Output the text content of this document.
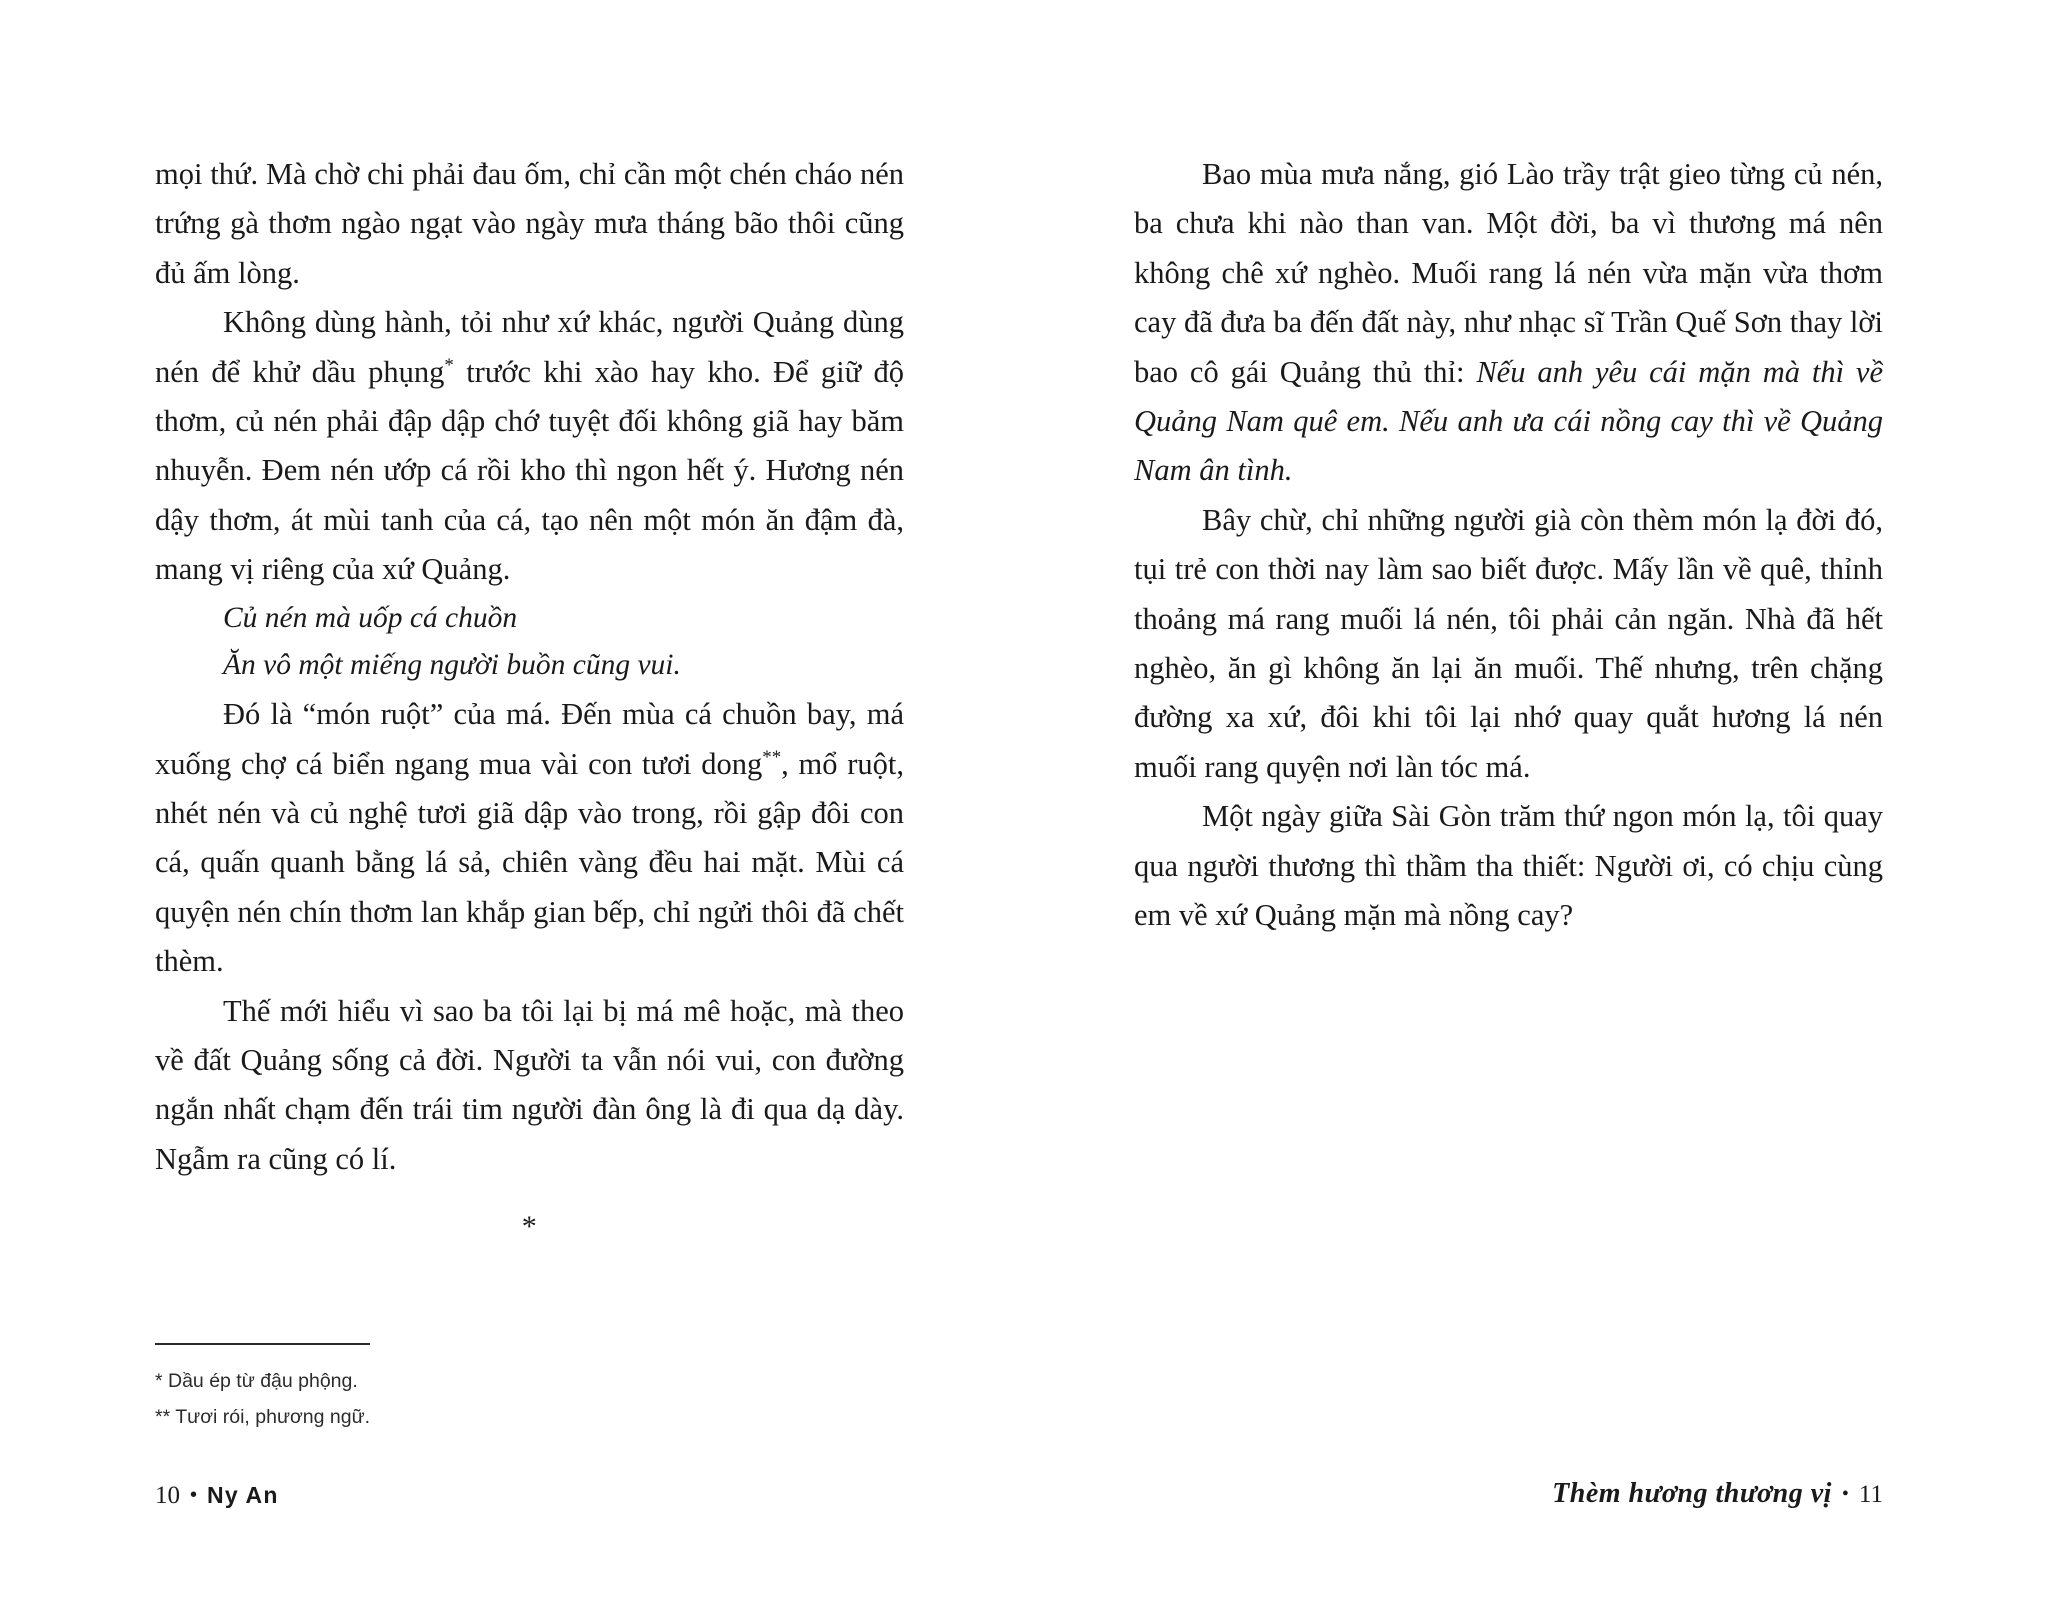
mọi thứ. Mà chờ chi phải đau ốm, chỉ cần một chén cháo nén trứng gà thơm ngào ngạt vào ngày mưa tháng bão thôi cũng đủ ấm lòng.

Không dùng hành, tỏi như xứ khác, người Quảng dùng nén để khử dầu phụng* trước khi xào hay kho. Để giữ độ thơm, củ nén phải đập dập chớ tuyệt đối không giã hay băm nhuyễn. Đem nén ướp cá rồi kho thì ngon hết ý. Hương nén dậy thơm, át mùi tanh của cá, tạo nên một món ăn đậm đà, mang vị riêng của xứ Quảng.

Củ nén mà uốp cá chuồn

Ăn vô một miếng người buồn cũng vui.

Đó là “món ruột” của má. Đến mùa cá chuồn bay, má xuống chợ cá biển ngang mua vài con tươi dong**, mổ ruột, nhét nén và củ nghệ tươi giã dập vào trong, rồi gập đôi con cá, quấn quanh bằng lá sả, chiên vàng đều hai mặt. Mùi cá quyện nén chín thơm lan khắp gian bếp, chỉ ngửi thôi đã chết thèm.

Thế mới hiểu vì sao ba tôi lại bị má mê hoặc, mà theo về đất Quảng sống cả đời. Người ta vẫn nói vui, con đường ngắn nhất chạm đến trái tim người đàn ông là đi qua dạ dày. Ngẫm ra cũng có lí.

*
* Dầu ép từ đậu phộng.
** Tươi rói, phương ngữ.
10 • Ny An

Bao mùa mưa nắng, gió Lào trầy trật gieo từng củ nén, ba chưa khi nào than van. Một đời, ba vì thương má nên không chê xứ nghèo. Muối rang lá nén vừa mặn vừa thơm cay đã đưa ba đến đất này, như nhạc sĩ Trần Quế Sơn thay lời bao cô gái Quảng thủ thỉ: Nếu anh yêu cái mặn mà thì về Quảng Nam quê em. Nếu anh ưa cái nồng cay thì về Quảng Nam ân tình.

Bây chừ, chỉ những người già còn thèm món lạ đời đó, tụi trẻ con thời nay làm sao biết được. Mấy lần về quê, thỉnh thoảng má rang muối lá nén, tôi phải cản ngăn. Nhà đã hết nghèo, ăn gì không ăn lại ăn muối. Thế nhưng, trên chặng đường xa xứ, đôi khi tôi lại nhớ quay quắt hương lá nén muối rang quyện nơi làn tóc má.

Một ngày giữa Sài Gòn trăm thứ ngon món lạ, tôi quay qua người thương thì thầm tha thiết: Người ơi, có chịu cùng em về xứ Quảng mặn mà nồng cay?

Thèm hương thương vị • 11
